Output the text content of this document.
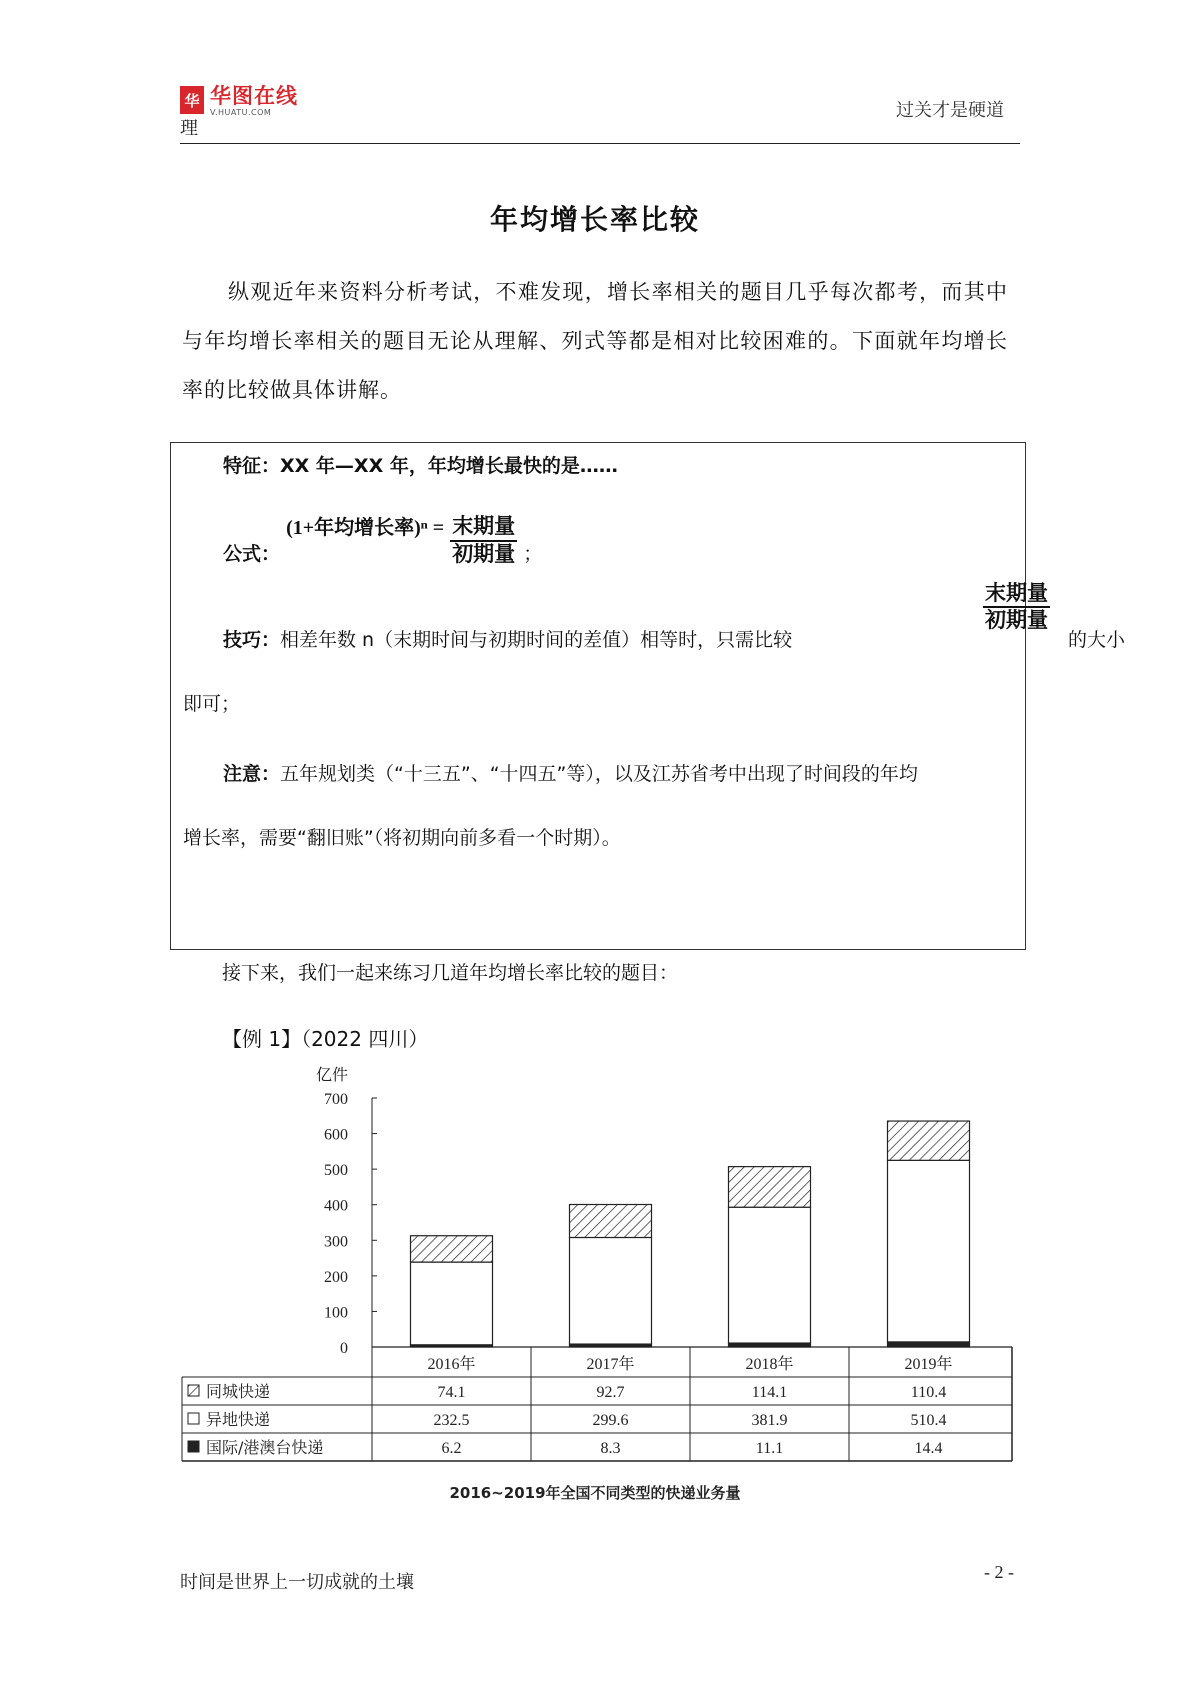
华 华图在线
V.HUATU.COM
理
过关才是硬道
年均增长率比较

纵观近年来资料分析考试，不难发现，增长率相关的题目几乎每次都考，而其中与年均增长率相关的题目无论从理解、列式等都是相对比较困难的。下面就年均增长率的比较做具体讲解。

特征：XX 年—XX 年，年均增长最快的是……
公式： (1+年均增长率)$^n = \frac{\text{末期量}}{\text{初期量}}$ ；
$\frac{\text{末期量}}{\text{初期量}}$
技巧：相差年数 n（末期时间与初期时间的差值）相等时，只需比较	的大小
即可；
注意：五年规划类（“十三五”、“十四五”等），以及江苏省考中出现了时间段的年均
增长率，需要“翻旧账”（将初期向前多看一个时期）。
接下来，我们一起来练习几道年均增长率比较的题目：
【例 1】（2022 四川）
亿件
0
100
200
300
400
500
600
700
2016年	2017年	2018年	2019年
同城快递	74.1	92.7	114.1	110.4
异地快递	232.5	299.6	381.9	510.4
国际/港澳台快递	6.2	8.3	11.1	14.4
2016~2019年全国不同类型的快递业务量
时间是世界上一切成就的土壤	- 2 -
